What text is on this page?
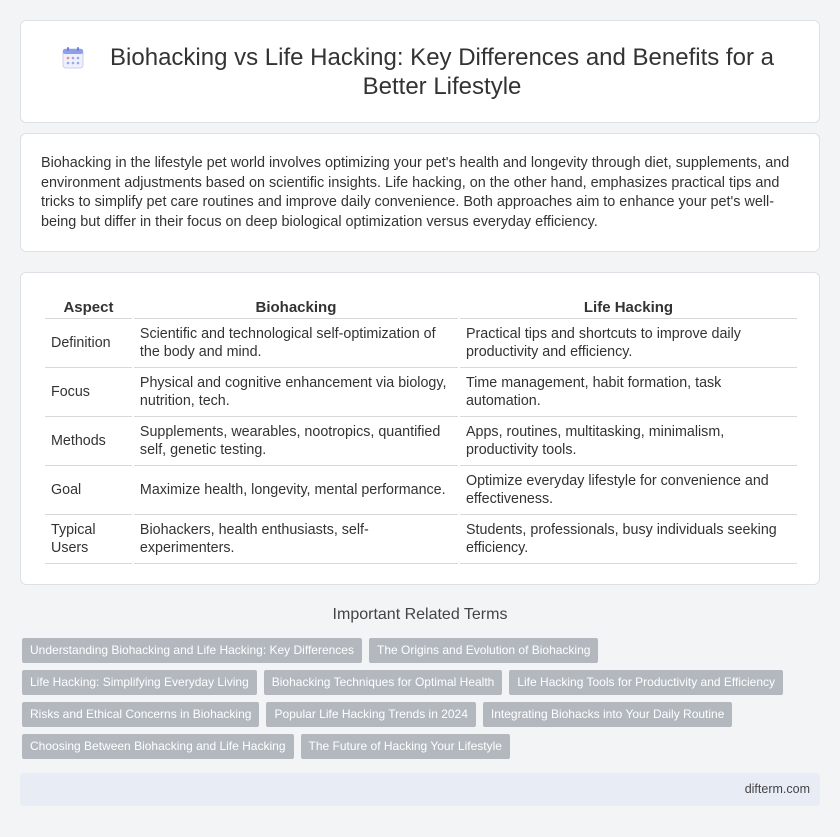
Biohacking vs Life Hacking: Key Differences and Benefits for a Better Lifestyle

Biohacking in the lifestyle pet world involves optimizing your pet's health and longevity through diet, supplements, and environment adjustments based on scientific insights. Life hacking, on the other hand, emphasizes practical tips and tricks to simplify pet care routines and improve daily convenience. Both approaches aim to enhance your pet's well-being but differ in their focus on deep biological optimization versus everyday efficiency.

Aspect	Biohacking	Life Hacking
Definition	Scientific and technological self-optimization of the body and mind.	Practical tips and shortcuts to improve daily productivity and efficiency.
Focus	Physical and cognitive enhancement via biology, nutrition, tech.	Time management, habit formation, task automation.
Methods	Supplements, wearables, nootropics, quantified self, genetic testing.	Apps, routines, multitasking, minimalism, productivity tools.
Goal	Maximize health, longevity, mental performance.	Optimize everyday lifestyle for convenience and effectiveness.
Typical Users	Biohackers, health enthusiasts, self-experimenters.	Students, professionals, busy individuals seeking efficiency.
Important Related Terms
Understanding Biohacking and Life Hacking: Key Differences	The Origins and Evolution of Biohacking
Life Hacking: Simplifying Everyday Living	Biohacking Techniques for Optimal Health	Life Hacking Tools for Productivity and Efficiency
Risks and Ethical Concerns in Biohacking	Popular Life Hacking Trends in 2024	Integrating Biohacks into Your Daily Routine
Choosing Between Biohacking and Life Hacking	The Future of Hacking Your Lifestyle
difterm.com
